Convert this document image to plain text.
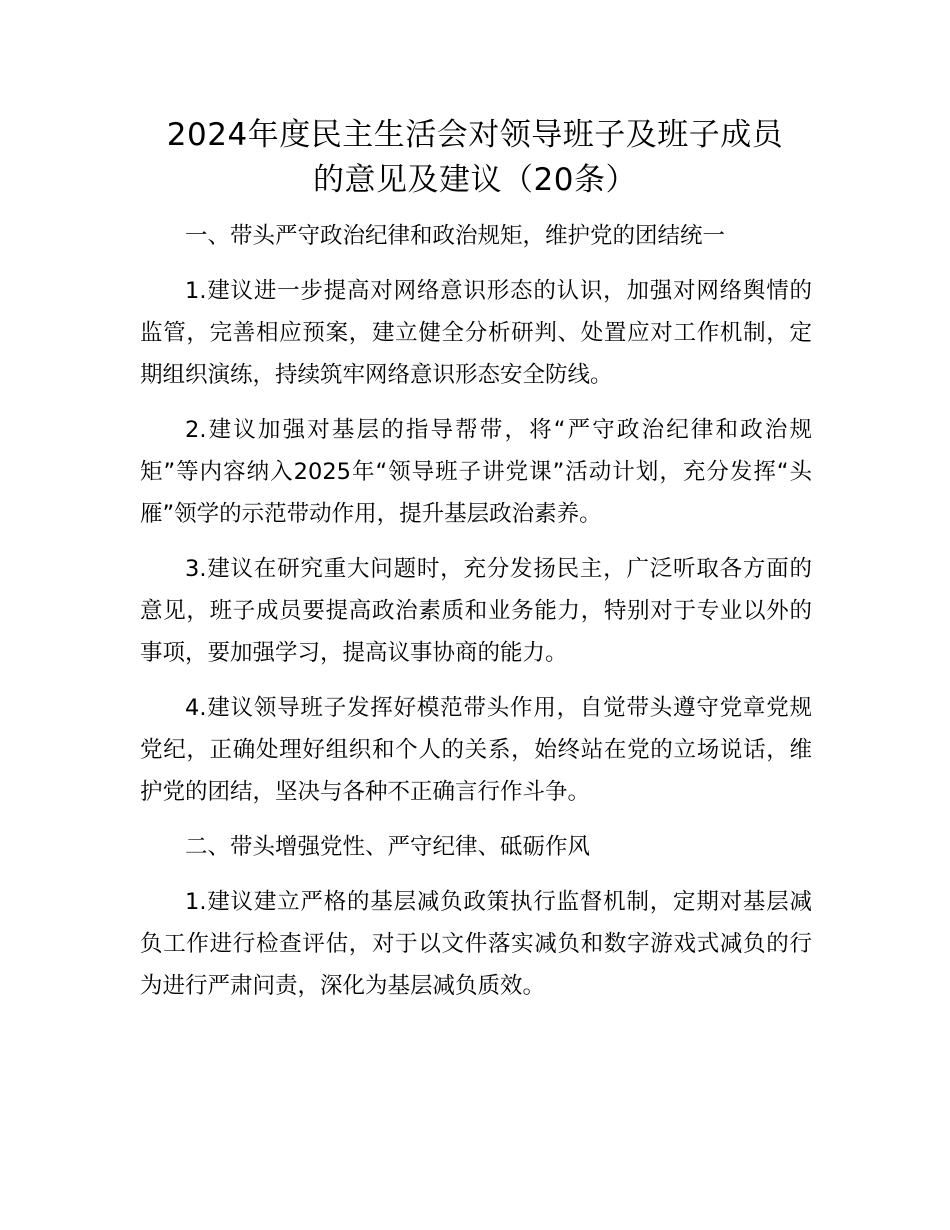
2024年度民主生活会对领导班子及班子成员
的意见及建议（20条）

一、带头严守政治纪律和政治规矩，维护党的团结统一

1.建议进一步提高对网络意识形态的认识，加强对网络舆情的监管，完善相应预案，建立健全分析研判、处置应对工作机制，定期组织演练，持续筑牢网络意识形态安全防线。

2.建议加强对基层的指导帮带，将“严守政治纪律和政治规矩”等内容纳入2025年“领导班子讲党课”活动计划，充分发挥“头雁”领学的示范带动作用，提升基层政治素养。

3.建议在研究重大问题时，充分发扬民主，广泛听取各方面的意见，班子成员要提高政治素质和业务能力，特别对于专业以外的事项，要加强学习，提高议事协商的能力。

4.建议领导班子发挥好模范带头作用，自觉带头遵守党章党规党纪，正确处理好组织和个人的关系，始终站在党的立场说话，维护党的团结，坚决与各种不正确言行作斗争。

二、带头增强党性、严守纪律、砥砺作风

1.建议建立严格的基层减负政策执行监督机制，定期对基层减负工作进行检查评估，对于以文件落实减负和数字游戏式减负的行为进行严肃问责，深化为基层减负质效。
